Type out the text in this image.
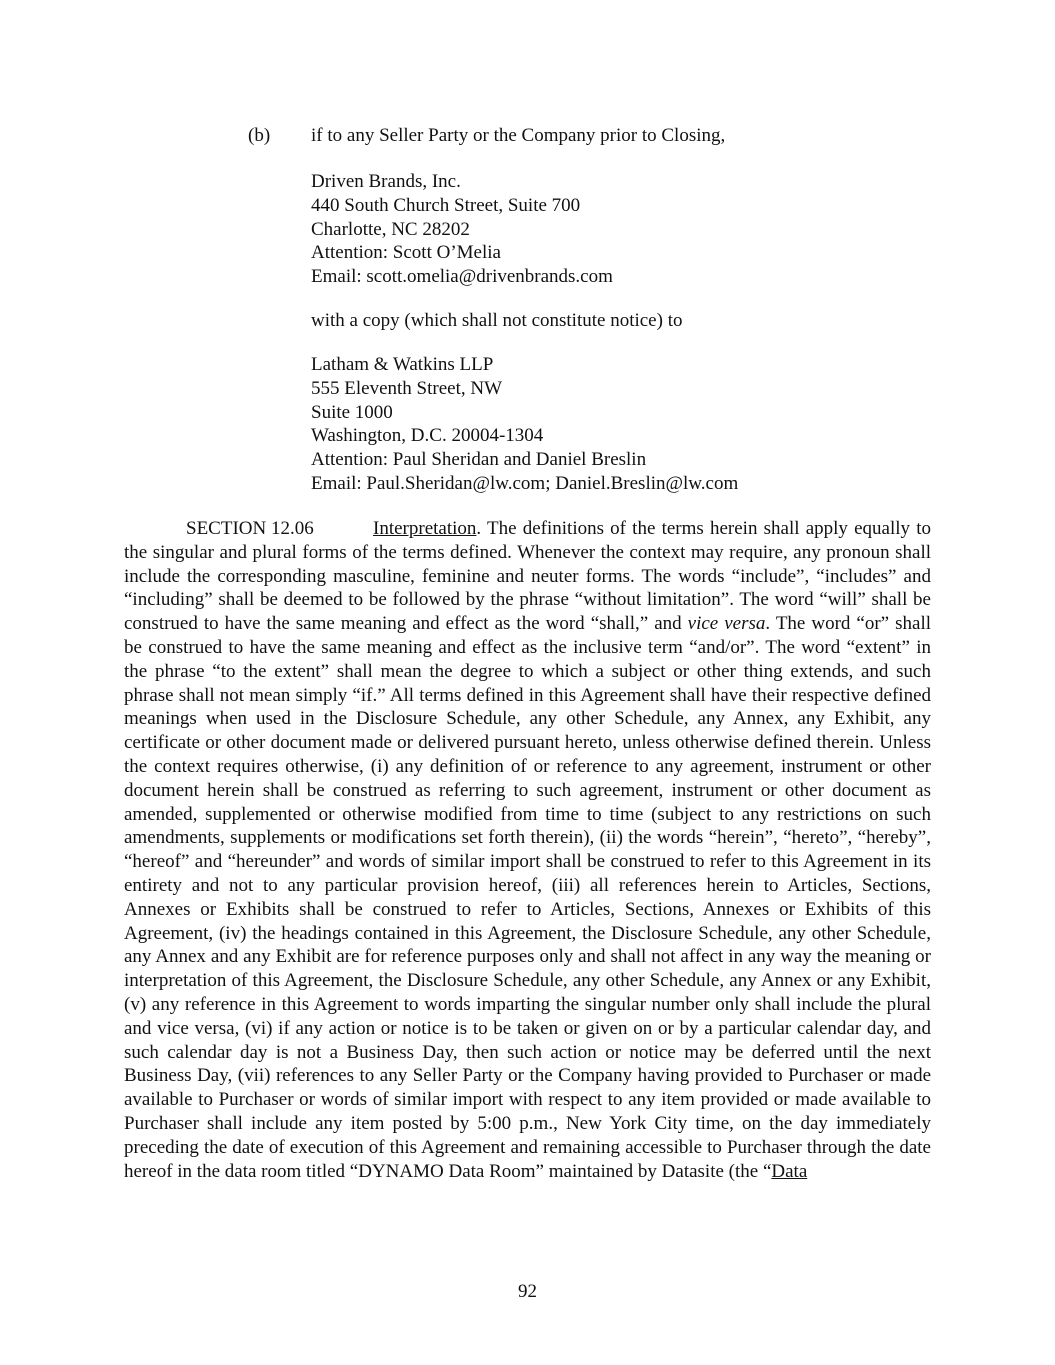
(b)	if to any Seller Party or the Company prior to Closing,
Driven Brands, Inc.
440 South Church Street, Suite 700
Charlotte, NC 28202
Attention: Scott O’Melia
Email: scott.omelia@drivenbrands.com
with a copy (which shall not constitute notice) to
Latham & Watkins LLP
555 Eleventh Street, NW
Suite 1000
Washington, D.C. 20004-1304
Attention: Paul Sheridan and Daniel Breslin
Email: Paul.Sheridan@lw.com; Daniel.Breslin@lw.com
SECTION 12.06	Interpretation. The definitions of the terms herein shall apply equally to the singular and plural forms of the terms defined. Whenever the context may require, any pronoun shall include the corresponding masculine, feminine and neuter forms. The words “include”, “includes” and “including” shall be deemed to be followed by the phrase “without limitation”. The word “will” shall be construed to have the same meaning and effect as the word “shall,” and vice versa. The word “or” shall be construed to have the same meaning and effect as the inclusive term “and/or”. The word “extent” in the phrase “to the extent” shall mean the degree to which a subject or other thing extends, and such phrase shall not mean simply “if.” All terms defined in this Agreement shall have their respective defined meanings when used in the Disclosure Schedule, any other Schedule, any Annex, any Exhibit, any certificate or other document made or delivered pursuant hereto, unless otherwise defined therein. Unless the context requires otherwise, (i) any definition of or reference to any agreement, instrument or other document herein shall be construed as referring to such agreement, instrument or other document as amended, supplemented or otherwise modified from time to time (subject to any restrictions on such amendments, supplements or modifications set forth therein), (ii) the words “herein”, “hereto”, “hereby”, “hereof” and “hereunder” and words of similar import shall be construed to refer to this Agreement in its entirety and not to any particular provision hereof, (iii) all references herein to Articles, Sections, Annexes or Exhibits shall be construed to refer to Articles, Sections, Annexes or Exhibits of this Agreement, (iv) the headings contained in this Agreement, the Disclosure Schedule, any other Schedule, any Annex and any Exhibit are for reference purposes only and shall not affect in any way the meaning or interpretation of this Agreement, the Disclosure Schedule, any other Schedule, any Annex or any Exhibit, (v) any reference in this Agreement to words imparting the singular number only shall include the plural and vice versa, (vi) if any action or notice is to be taken or given on or by a particular calendar day, and such calendar day is not a Business Day, then such action or notice may be deferred until the next Business Day, (vii) references to any Seller Party or the Company having provided to Purchaser or made available to Purchaser or words of similar import with respect to any item provided or made available to Purchaser shall include any item posted by 5:00 p.m., New York City time, on the day immediately preceding the date of execution of this Agreement and remaining accessible to Purchaser through the date hereof in the data room titled “DYNAMO Data Room” maintained by Datasite (the “Data
92
